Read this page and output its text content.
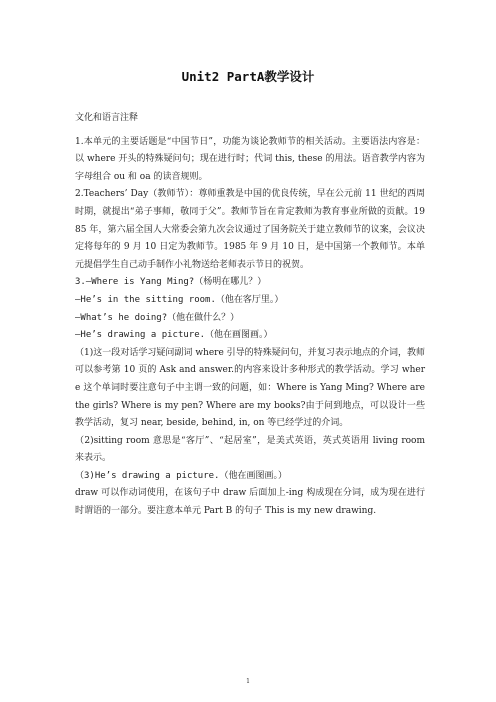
Unit2 PartA教学设计

文化和语言注释

1.本单元的主要话题是“中国节日”，功能为谈论教师节的相关活动。主要语法内容是：以 where 开头的特殊疑问句；现在进行时；代词 this, these 的用法。语音教学内容为字母组合 ou 和 oa 的读音规则。

2.Teachers’ Day（教师节）：尊师重教是中国的优良传统，早在公元前 11 世纪的西周时期，就提出“弟子事师，敬同于父”。教师节旨在肯定教师为教育事业所做的贡献。1985 年，第六届全国人大常委会第九次会议通过了国务院关于建立教师节的议案，会议决定将每年的 9 月 10 日定为教师节。1985 年 9 月 10 日，是中国第一个教师节。本单元提倡学生自己动手制作小礼物送给老师表示节日的祝贺。

3.—Where is Yang Ming?（杨明在哪儿？）

—He’s in the sitting room.（他在客厅里。）

—What’s he doing?（他在做什么？）

—He’s drawing a picture.（他在画图画。）

（1)这一段对话学习疑问副词 where 引导的特殊疑问句，并复习表示地点的介词，教师可以参考第 10 页的 Ask and answer.的内容来设计多种形式的教学活动。学习 where 这个单词时要注意句子中主谓一致的问题，如：Where is Yang Ming? Where are the girls? Where is my pen? Where are my books?由于问到地点，可以设计一些教学活动，复习 near, beside, behind, in, on 等已经学过的介词。

（2)sitting room 意思是“客厅”、“起居室”，是美式英语，英式英语用 living room 来表示。

（3)He’s drawing a picture.（他在画图画。）

draw 可以作动词使用，在该句子中 draw 后面加上-ing 构成现在分词，成为现在进行时谓语的一部分。要注意本单元 Part B 的句子 This is my new drawing.

1
